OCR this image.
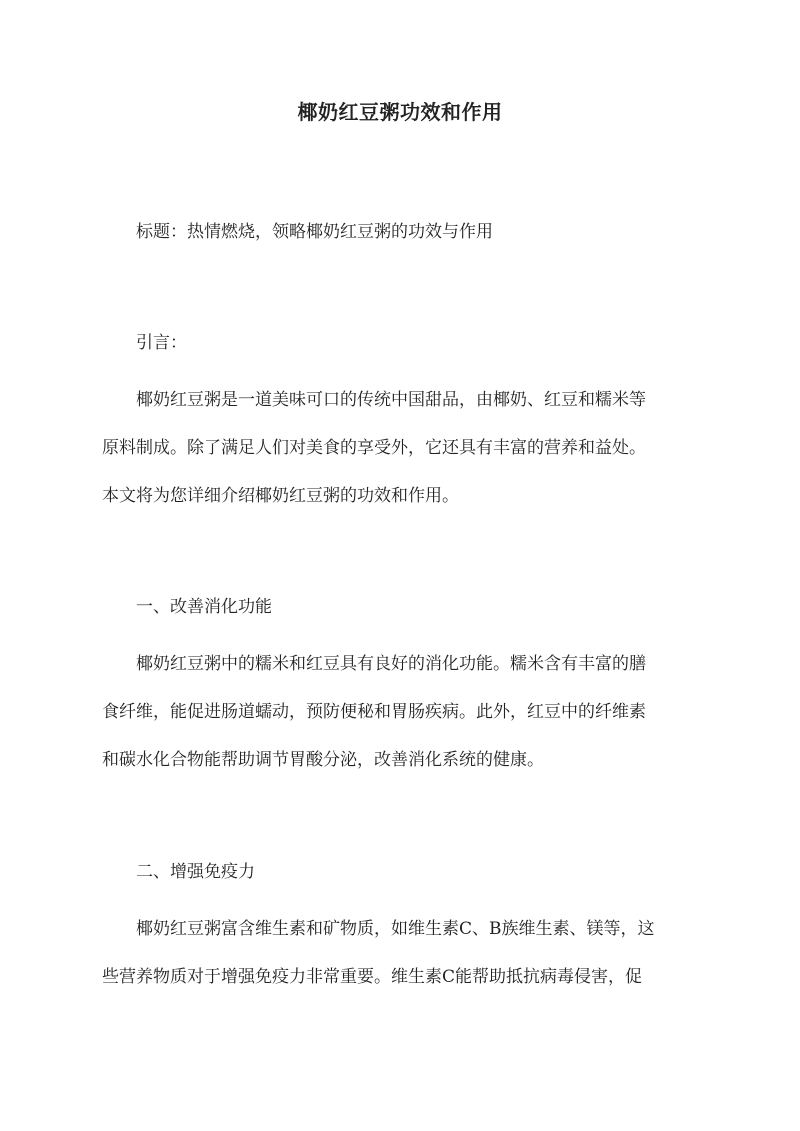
椰奶红豆粥功效和作用
标题：热情燃烧，领略椰奶红豆粥的功效与作用
引言：
椰奶红豆粥是一道美味可口的传统中国甜品，由椰奶、红豆和糯米等
原料制成。除了满足人们对美食的享受外，它还具有丰富的营养和益处。
本文将为您详细介绍椰奶红豆粥的功效和作用。
一、改善消化功能
椰奶红豆粥中的糯米和红豆具有良好的消化功能。糯米含有丰富的膳
食纤维，能促进肠道蠕动，预防便秘和胃肠疾病。此外，红豆中的纤维素
和碳水化合物能帮助调节胃酸分泌，改善消化系统的健康。
二、增强免疫力
椰奶红豆粥富含维生素和矿物质，如维生素C、B族维生素、镁等，这
些营养物质对于增强免疫力非常重要。维生素C能帮助抵抗病毒侵害，促
